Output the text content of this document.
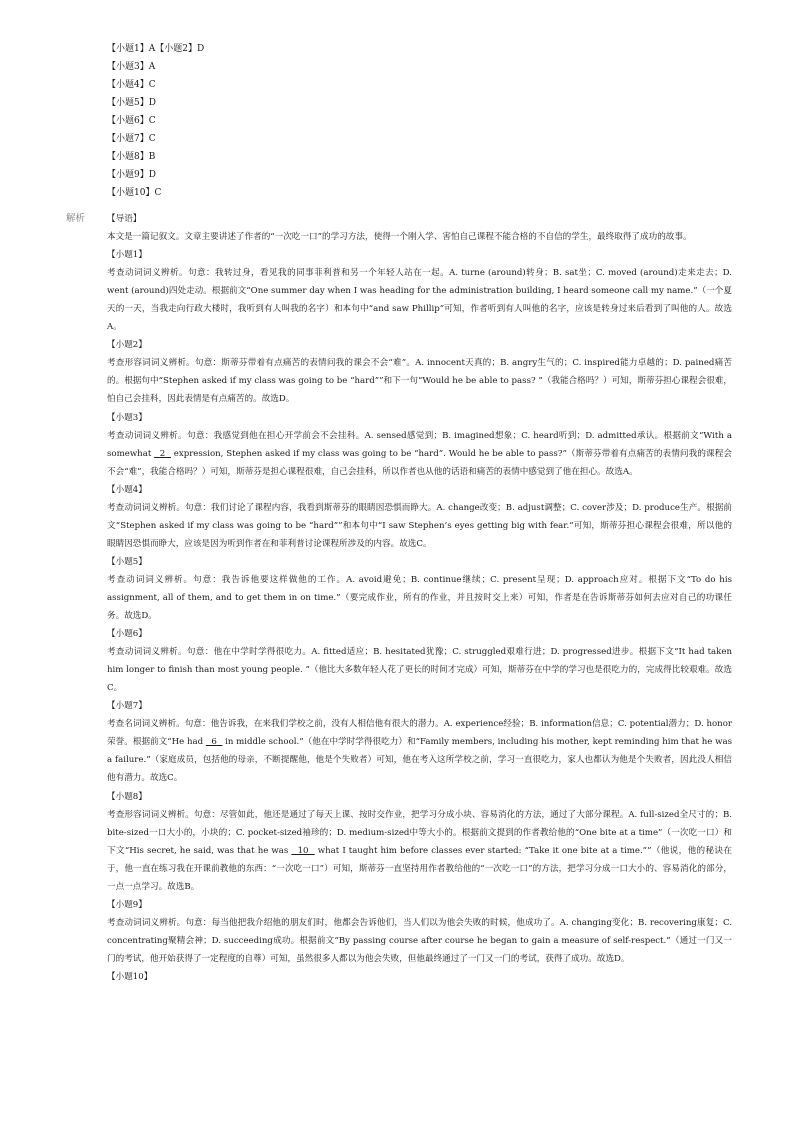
【小题1】A【小题2】D
【小题3】A
【小题4】C
【小题5】D
【小题6】C
【小题7】C
【小题8】B
【小题9】D
【小题10】C
解析	【导语】

本文是一篇记叙文。文章主要讲述了作者的“一次吃一口”的学习方法，使得一个刚入学、害怕自己课程不能合格的不自信的学生，最终取得了成功的故事。

【小题1】

考查动词词义辨析。句意：我转过身，看见我的同事菲利普和另一个年轻人站在一起。A. turne (around)转身；B. sat坐；C. moved (around)走来走去；D. went (around)四处走动。根据前文“One summer day when I was heading for the administration building, I heard someone call my name.”（一个夏天的一天，当我走向行政大楼时，我听到有人叫我的名字）和本句中“and saw Phillip”可知，作者听到有人叫他的名字，应该是转身过来后看到了叫他的人。故选A。

【小题2】

考查形容词词义辨析。句意：斯蒂芬带着有点痛苦的表情问我的课会不会“难”。A. innocent天真的；B. angry生气的；C. inspired能力卓越的；D. pained痛苦的。根据句中“Stephen asked if my class was going to be “hard””和下一句“Would he be able to pass? ”（我能合格吗？）可知，斯蒂芬担心课程会很难，怕自己会挂科，因此表情是有点痛苦的。故选D。

【小题3】

考查动词词义辨析。句意：我感觉到他在担心开学前会不会挂科。A. sensed感觉到；B. imagined想象；C. heard听到；D. admitted承认。根据前文“With a somewhat   2   expression, Stephen asked if my class was going to be “hard”. Would he be able to pass?”（斯蒂芬带着有点痛苦的表情问我的课程会不会“难”，我能合格吗？）可知，斯蒂芬是担心课程很难，自己会挂科，所以作者也从他的话语和痛苦的表情中感觉到了他在担心。故选A。

【小题4】

考查动词词义辨析。句意：我们讨论了课程内容，我看到斯蒂芬的眼睛因恐惧而睁大。A. change改变；B. adjust调整；C. cover涉及；D. produce生产。根据前文“Stephen asked if my class was going to be “hard””和本句中“I saw Stephen’s eyes getting big with fear.”可知，斯蒂芬担心课程会很难，所以他的眼睛因恐惧而睁大，应该是因为听到作者在和菲利普讨论课程所涉及的内容。故选C。

【小题5】

考查动词词义辨析。句意：我告诉他要这样做他的工作。A. avoid避免；B. continue继续；C. present呈现；D. approach应对。根据下文“To do his assignment, all of them, and to get them in on time.”（要完成作业，所有的作业，并且按时交上来）可知，作者是在告诉斯蒂芬如何去应对自己的功课任务。故选D。

【小题6】

考查动词词义辨析。句意：他在中学时学得很吃力。A. fitted适应；B. hesitated犹豫；C. struggled艰难行进；D. progressed进步。根据下文“It had taken him longer to finish than most young people. ”（他比大多数年轻人花了更长的时间才完成）可知，斯蒂芬在中学的学习也是很吃力的，完成得比较艰难。故选C。

【小题7】

考查名词词义辨析。句意：他告诉我，在来我们学校之前，没有人相信他有很大的潜力。A. experience经验；B. information信息；C. potential潜力；D. honor荣誉。根据前文“He had   6   in middle school.”（他在中学时学得很吃力）和“Family members, including his mother, kept reminding him that he was a failure.”（家庭成员，包括他的母亲，不断提醒他，他是个失败者）可知，他在考入这所学校之前，学习一直很吃力，家人也都认为他是个失败者，因此没人相信他有潜力。故选C。

【小题8】

考查形容词词义辨析。句意：尽管如此，他还是通过了每天上课、按时交作业，把学习分成小块、容易消化的方法，通过了大部分课程。A. full-sized全尺寸的；B. bite-sized一口大小的，小块的；C. pocket-sized袖珍的；D. medium-sized中等大小的。根据前文提到的作者教给他的“One bite at a time”（一次吃一口）和下文“His secret, he said, was that he was   10   what I taught him before classes ever started: “Take it one bite at a time.””（他说，他的秘诀在于，他一直在练习我在开课前教他的东西：“一次吃一口”）可知，斯蒂芬一直坚持用作者教给他的“一次吃一口”的方法，把学习分成一口大小的、容易消化的部分，一点一点学习。故选B。

【小题9】

考查动词词义辨析。句意：每当他把我介绍他的朋友们时，他都会告诉他们，当人们以为他会失败的时候，他成功了。A. changing变化；B. recovering康复；C. concentrating聚精会神；D. succeeding成功。根据前文“By passing course after course he began to gain a measure of self-respect.”（通过一门又一门的考试，他开始获得了一定程度的自尊）可知，虽然很多人都以为他会失败，但他最终通过了一门又一门的考试，获得了成功。故选D。

【小题10】
